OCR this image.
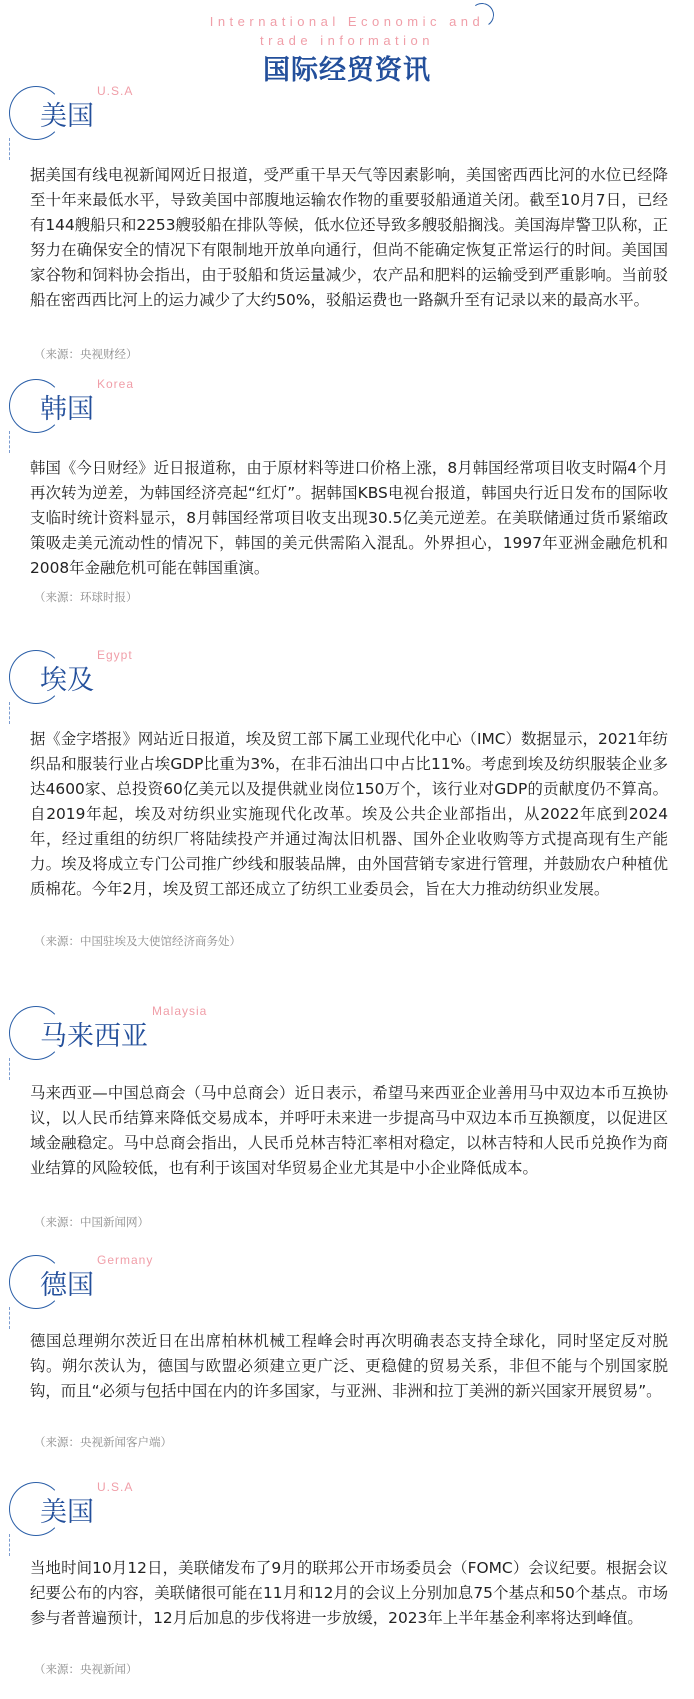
International Economic and
trade information
国际经贸资讯
美国
U.S.A
据美国有线电视新闻网近日报道，受严重干旱天气等因素影响，美国密西西比河的水位已经降至十年来最低水平，导致美国中部腹地运输农作物的重要驳船通道关闭。截至10月7日，已经有144艘船只和2253艘驳船在排队等候，低水位还导致多艘驳船搁浅。美国海岸警卫队称，正努力在确保安全的情况下有限制地开放单向通行，但尚不能确定恢复正常运行的时间。美国国家谷物和饲料协会指出，由于驳船和货运量减少，农产品和肥料的运输受到严重影响。当前驳船在密西西比河上的运力减少了大约50%，驳船运费也一路飙升至有记录以来的最高水平。
（来源：央视财经）
韩国
Korea
韩国《今日财经》近日报道称，由于原材料等进口价格上涨，8月韩国经常项目收支时隔4个月再次转为逆差，为韩国经济亮起“红灯”。据韩国KBS电视台报道，韩国央行近日发布的国际收支临时统计资料显示，8月韩国经常项目收支出现30.5亿美元逆差。在美联储通过货币紧缩政策吸走美元流动性的情况下，韩国的美元供需陷入混乱。外界担心，1997年亚洲金融危机和2008年金融危机可能在韩国重演。
（来源：环球时报）
埃及
Egypt
据《金字塔报》网站近日报道，埃及贸工部下属工业现代化中心（IMC）数据显示，2021年纺织品和服装行业占埃GDP比重为3%，在非石油出口中占比11%。考虑到埃及纺织服装企业多达4600家、总投资60亿美元以及提供就业岗位150万个，该行业对GDP的贡献度仍不算高。自2019年起，埃及对纺织业实施现代化改革。埃及公共企业部指出，从2022年底到2024年，经过重组的纺织厂将陆续投产并通过淘汰旧机器、国外企业收购等方式提高现有生产能力。埃及将成立专门公司推广纱线和服装品牌，由外国营销专家进行管理，并鼓励农户种植优质棉花。今年2月，埃及贸工部还成立了纺织工业委员会，旨在大力推动纺织业发展。
（来源：中国驻埃及大使馆经济商务处）
马来西亚
Malaysia
马来西亚—中国总商会（马中总商会）近日表示，希望马来西亚企业善用马中双边本币互换协议，以人民币结算来降低交易成本，并呼吁未来进一步提高马中双边本币互换额度，以促进区域金融稳定。马中总商会指出，人民币兑林吉特汇率相对稳定，以林吉特和人民币兑换作为商业结算的风险较低，也有利于该国对华贸易企业尤其是中小企业降低成本。
（来源：中国新闻网）
德国
Germany
德国总理朔尔茨近日在出席柏林机械工程峰会时再次明确表态支持全球化，同时坚定反对脱钩。朔尔茨认为，德国与欧盟必须建立更广泛、更稳健的贸易关系，非但不能与个别国家脱钩，而且“必须与包括中国在内的许多国家，与亚洲、非洲和拉丁美洲的新兴国家开展贸易”。
（来源：央视新闻客户端）
美国
U.S.A
当地时间10月12日，美联储发布了9月的联邦公开市场委员会（FOMC）会议纪要。根据会议纪要公布的内容，美联储很可能在11月和12月的会议上分别加息75个基点和50个基点。市场参与者普遍预计，12月后加息的步伐将进一步放缓，2023年上半年基金利率将达到峰值。
（来源：央视新闻）
